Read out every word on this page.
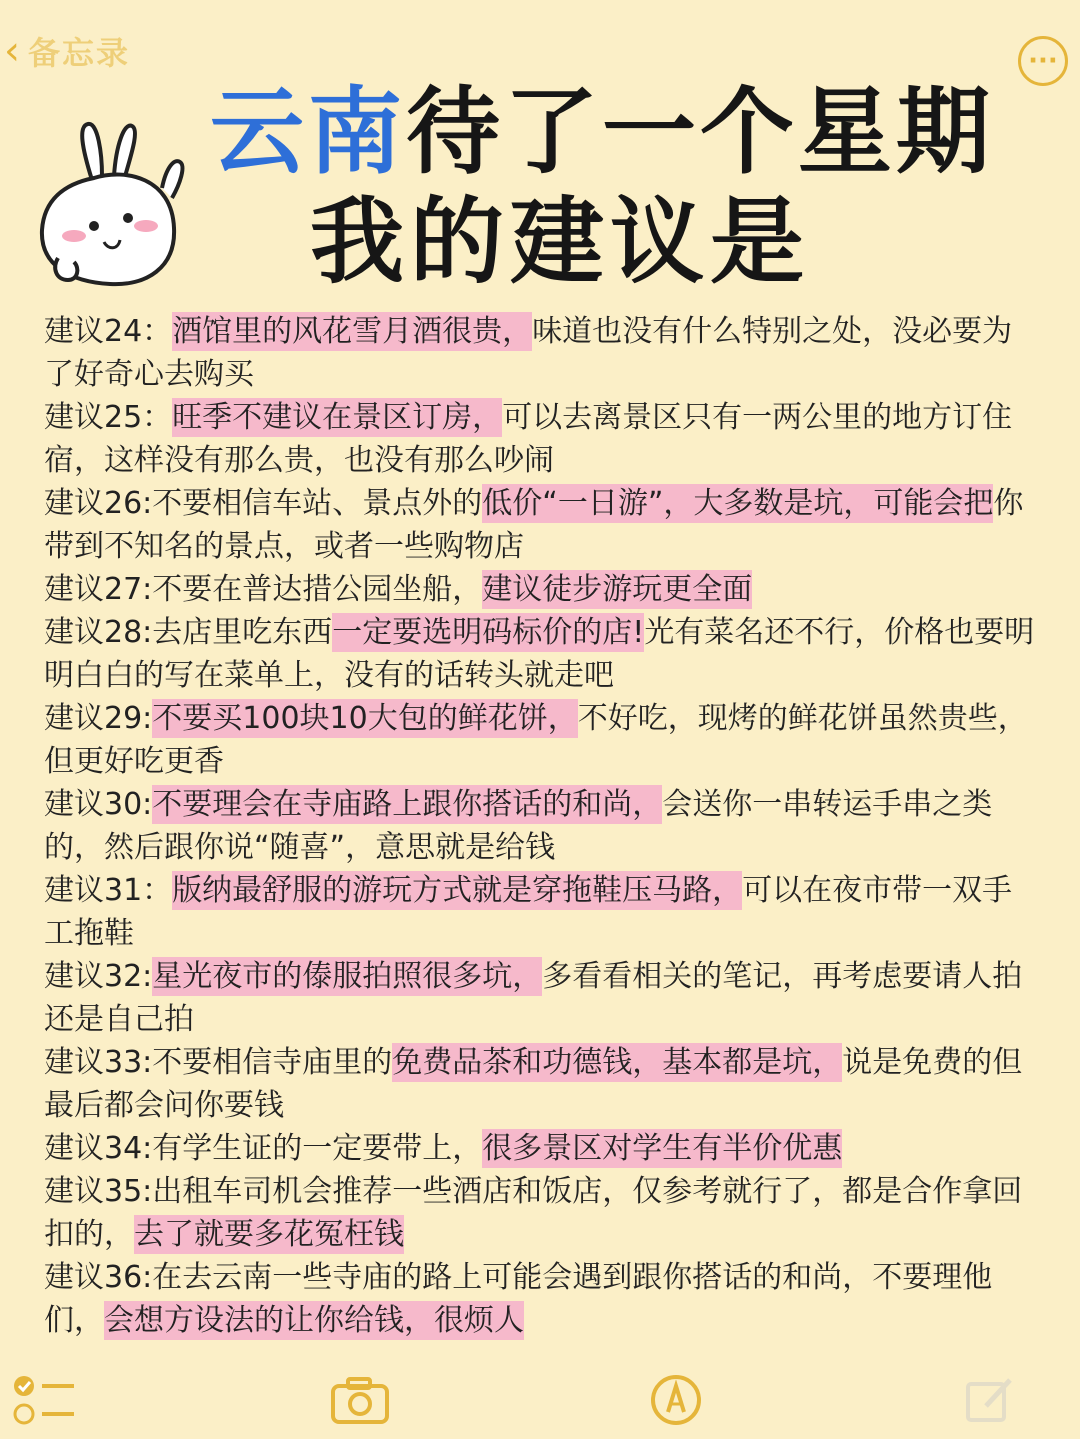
‹ 备忘录	···
云南待了一个星期
我的建议是

建议24：酒馆里的风花雪月酒很贵，味道也没有什么特别之处，没必要为了好奇心去购买

建议25：旺季不建议在景区订房，可以去离景区只有一两公里的地方订住宿，这样没有那么贵，也没有那么吵闹

建议26:不要相信车站、景点外的低价“一日游”，大多数是坑，可能会把你带到不知名的景点，或者一些购物店

建议27:不要在普达措公园坐船，建议徒步游玩更全面

建议28:去店里吃东西一定要选明码标价的店!光有菜名还不行，价格也要明明白白的写在菜单上，没有的话转头就走吧

建议29:不要买100块10大包的鲜花饼，不好吃，现烤的鲜花饼虽然贵些，但更好吃更香

建议30:不要理会在寺庙路上跟你搭话的和尚，会送你一串转运手串之类的，然后跟你说“随喜”，意思就是给钱

建议31：版纳最舒服的游玩方式就是穿拖鞋压马路，可以在夜市带一双手工拖鞋

建议32:星光夜市的傣服拍照很多坑，多看看相关的笔记，再考虑要请人拍还是自己拍

建议33:不要相信寺庙里的免费品茶和功德钱，基本都是坑，说是免费的但最后都会问你要钱

建议34:有学生证的一定要带上，很多景区对学生有半价优惠

建议35:出租车司机会推荐一些酒店和饭店，仅参考就行了，都是合作拿回扣的，去了就要多花冤枉钱

建议36:在去云南一些寺庙的路上可能会遇到跟你搭话的和尚，不要理他们，会想方设法的让你给钱，很烦人
